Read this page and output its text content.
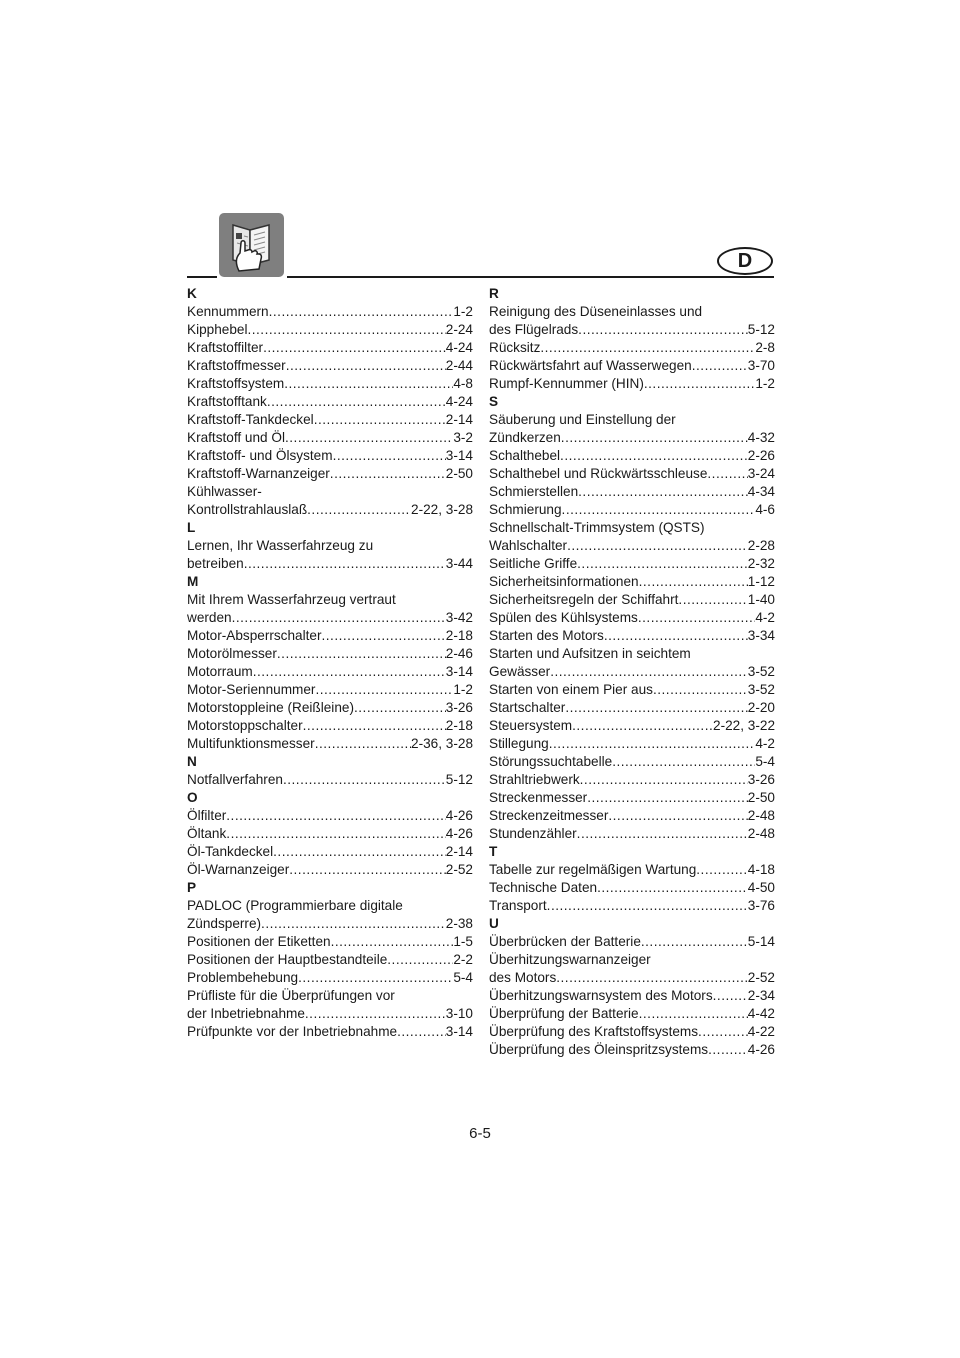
D
K
Kennummern .....	1-2
Kipphebel .....	2-24
Kraftstoffilter .....	4-24
Kraftstoffmesser .....	2-44
Kraftstoffsystem .....	4-8
Kraftstofftank .....	4-24
Kraftstoff-Tankdeckel .....	2-14
Kraftstoff und Öl .....	3-2
Kraftstoff- und Ölsystem .....	3-14
Kraftstoff-Warnanzeiger .....	2-50
Kühlwasser-
Kontrollstrahlauslaß .....	2-22, 3-28
L
Lernen, Ihr Wasserfahrzeug zu
betreiben .....	3-44
M
Mit Ihrem Wasserfahrzeug vertraut
werden .....	3-42
Motor-Absperrschalter .....	2-18
Motorölmesser .....	2-46
Motorraum .....	3-14
Motor-Seriennummer .....	1-2
Motorstoppleine (Reißleine) .....	3-26
Motorstoppschalter .....	2-18
Multifunktionsmesser .....	2-36, 3-28
N
Notfallverfahren .....	5-12
O
Ölfilter .....	4-26
Öltank .....	4-26
Öl-Tankdeckel .....	2-14
Öl-Warnanzeiger .....	2-52
P
PADLOC (Programmierbare digitale
Zündsperre) .....	2-38
Positionen der Etiketten .....	1-5
Positionen der Hauptbestandteile .....	2-2
Problembehebung .....	5-4
Prüfliste für die Überprüfungen vor
der Inbetriebnahme .....	3-10
Prüfpunkte vor der Inbetriebnahme .....	3-14
R
Reinigung des Düseneinlasses und
des Flügelrads .....	5-12
Rücksitz .....	2-8
Rückwärtsfahrt auf Wasserwegen .....	3-70
Rumpf-Kennummer (HIN) .....	1-2
S
Säuberung und Einstellung der
Zündkerzen .....	4-32
Schalthebel .....	2-26
Schalthebel und Rückwärtsschleuse .....	3-24
Schmierstellen .....	4-34
Schmierung .....	4-6
Schnellschalt-Trimmsystem (QSTS)
Wahlschalter .....	2-28
Seitliche Griffe .....	2-32
Sicherheitsinformationen .....	1-12
Sicherheitsregeln der Schiffahrt .....	1-40
Spülen des Kühlsystems .....	4-2
Starten des Motors .....	3-34
Starten und Aufsitzen in seichtem
Gewässer .....	3-52
Starten von einem Pier aus .....	3-52
Startschalter .....	2-20
Steuersystem .....	2-22, 3-22
Stillegung .....	4-2
Störungssuchtabelle .....	5-4
Strahltriebwerk .....	3-26
Streckenmesser .....	2-50
Streckenzeitmesser .....	2-48
Stundenzähler .....	2-48
T
Tabelle zur regelmäßigen Wartung .....	4-18
Technische Daten .....	4-50
Transport .....	3-76
U
Überbrücken der Batterie .....	5-14
Überhitzungswarnanzeiger
des Motors .....	2-52
Überhitzungswarnsystem des Motors .....	2-34
Überprüfung der Batterie .....	4-42
Überprüfung des Kraftstoffsystems .....	4-22
Überprüfung des Öleinspritzsystems .....	4-26
6-5
